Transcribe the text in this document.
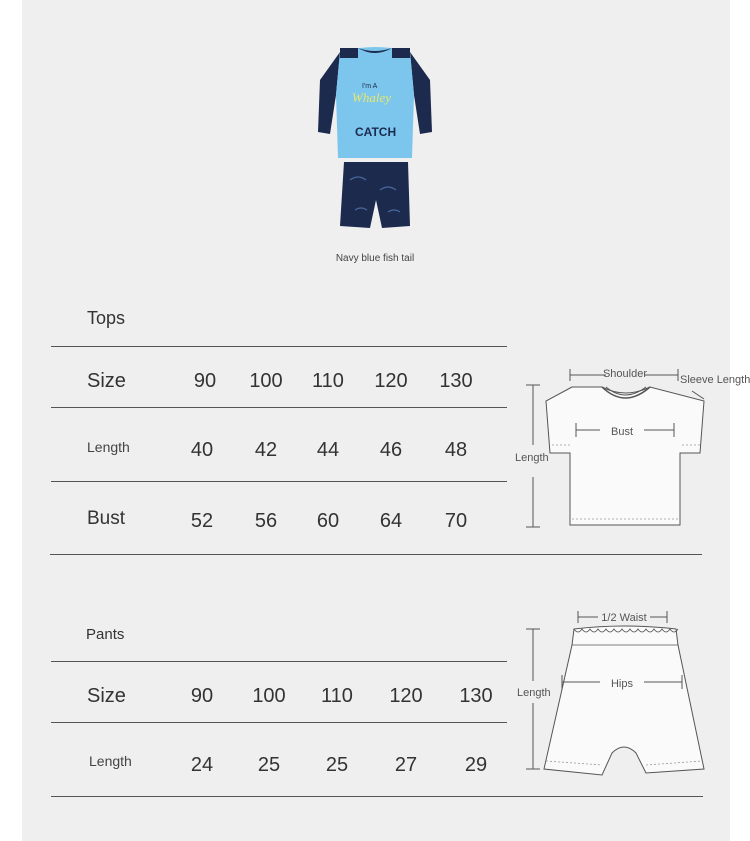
I'm A
Whaley
CATCH
Navy blue fish tail
Tops
Size	90	100	110	120	130
Length	40	42	44	46	48
Bust	52	56	60	64	70
Shoulder	Sleeve Length
Length
Bust
Pants
Size	90	100	110	120	130
Length	24	25	25	27	29
1/2 Waist
Length
Hips
